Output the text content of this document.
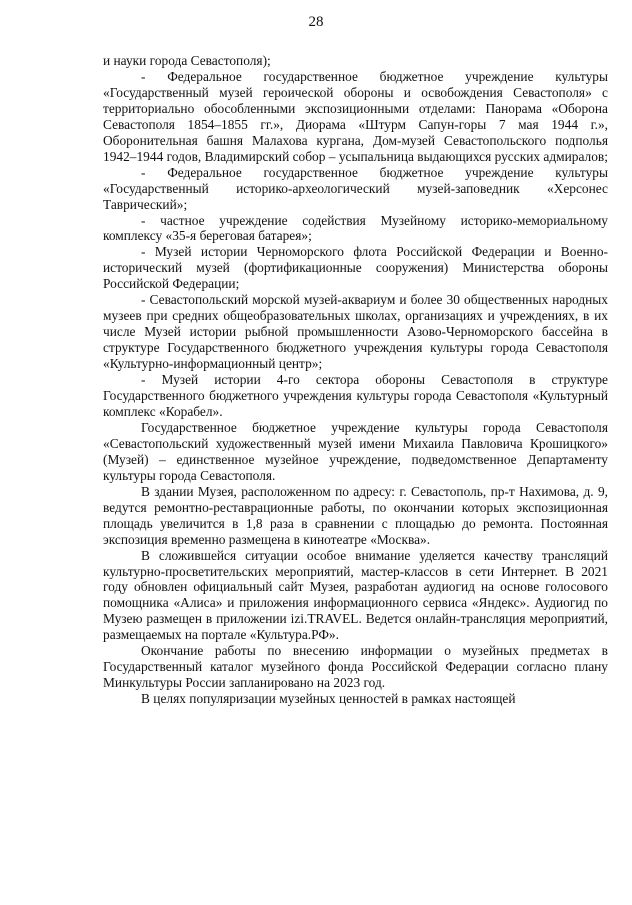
28

и науки города Севастополя);

- Федеральное государственное бюджетное учреждение культуры «Государственный музей героической обороны и освобождения Севастополя» с территориально обособленными экспозиционными отделами: Панорама «Оборона Севастополя 1854–1855 гг.», Диорама «Штурм Сапун-горы 7 мая 1944 г.», Оборонительная башня Малахова кургана, Дом-музей Севастопольского подполья 1942–1944 годов, Владимирский собор – усыпальница выдающихся русских адмиралов;

- Федеральное государственное бюджетное учреждение культуры «Государственный историко-археологический музей-заповедник «Херсонес Таврический»;

- частное учреждение содействия Музейному историко-мемориальному комплексу «35-я береговая батарея»;

- Музей истории Черноморского флота Российской Федерации и Военно-исторический музей (фортификационные сооружения) Министерства обороны Российской Федерации;

- Севастопольский морской музей-аквариум и более 30 общественных народных музеев при средних общеобразовательных школах, организациях и учреждениях, в их числе Музей истории рыбной промышленности Азово-Черноморского бассейна в структуре Государственного бюджетного учреждения культуры города Севастополя «Культурно-информационный центр»;

- Музей истории 4-го сектора обороны Севастополя в структуре Государственного бюджетного учреждения культуры города Севастополя «Культурный комплекс «Корабел».

Государственное бюджетное учреждение культуры города Севастополя «Севастопольский художественный музей имени Михаила Павловича Крошицкого» (Музей) – единственное музейное учреждение, подведомственное Департаменту культуры города Севастополя.

В здании Музея, расположенном по адресу: г. Севастополь, пр-т Нахимова, д. 9, ведутся ремонтно-реставрационные работы, по окончании которых экспозиционная площадь увеличится в 1,8 раза в сравнении с площадью до ремонта. Постоянная экспозиция временно размещена в кинотеатре «Москва».

В сложившейся ситуации особое внимание уделяется качеству трансляций культурно-просветительских мероприятий, мастер-классов в сети Интернет. В 2021 году обновлен официальный сайт Музея, разработан аудиогид на основе голосового помощника «Алиса» и приложения информационного сервиса «Яндекс». Аудиогид по Музею размещен в приложении izi.TRAVEL. Ведется онлайн-трансляция мероприятий, размещаемых на портале «Культура.РФ».

Окончание работы по внесению информации о музейных предметах в Государственный каталог музейного фонда Российской Федерации согласно плану Минкультуры России запланировано на 2023 год.

В целях популяризации музейных ценностей в рамках настоящей
